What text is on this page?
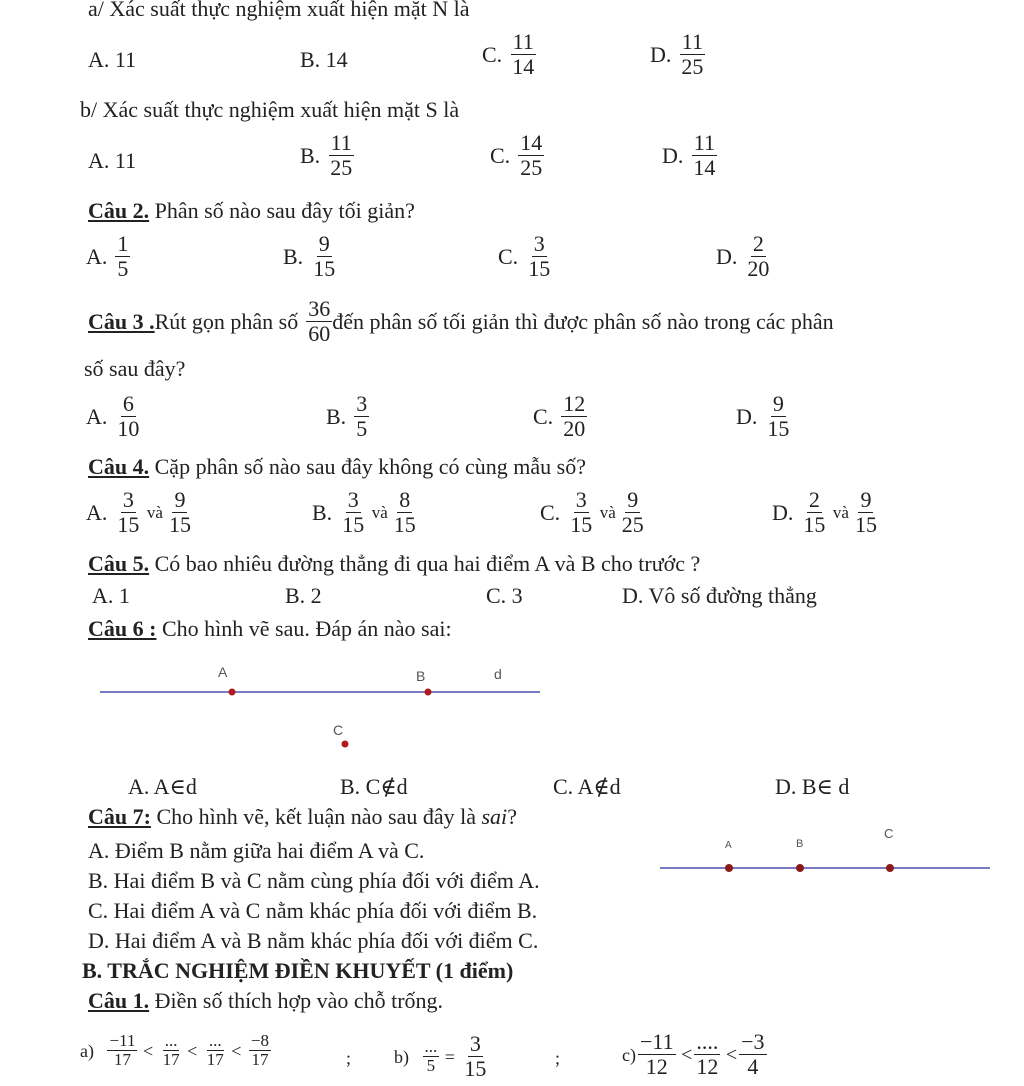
a/ Xác suất thực nghiệm xuất hiện mặt N là
A. 11	B. 14	C. $\frac{11}{14}$	D. $\frac{11}{25}$
b/ Xác suất thực nghiệm xuất hiện mặt S là
A. 11	B. $\frac{11}{25}$	C. $\frac{14}{25}$	D. $\frac{11}{14}$
Câu 2. Phân số nào sau đây tối giản?
A. $\frac{1}{5}$	B. $\frac{9}{15}$	C. $\frac{3}{15}$	D. $\frac{2}{20}$
Câu 3 .Rút gọn phân số $\frac{36}{60}$ đến phân số tối giản thì được phân số nào trong các phân
số sau đây?
A. $\frac{6}{10}$	B. $\frac{3}{5}$	C. $\frac{12}{20}$	D. $\frac{9}{15}$
Câu 4. Cặp phân số nào sau đây không có cùng mẫu số?
A. $\frac{3}{15}$ và $\frac{9}{15}$	B. $\frac{3}{15}$ và $\frac{8}{15}$	C. $\frac{3}{15}$ và $\frac{9}{25}$	D. $\frac{2}{15}$ và $\frac{9}{15}$
Câu 5. Có bao nhiêu đường thẳng đi qua hai điểm A và B cho trước ?
A. 1	B. 2	C. 3	D. Vô số đường thẳng
Câu 6 : Cho hình vẽ sau. Đáp án nào sai:
A	B	d
C
A. A∈d	B. C∉d	C. A∉d	D. B∈ d
Câu 7: Cho hình vẽ, kết luận nào sau đây là sai?
A. Điểm B nằm giữa hai điểm A và C.
B. Hai điểm B và C nằm cùng phía đối với điểm A.
C. Hai điểm A và C nằm khác phía đối với điểm B.
D. Hai điểm A và B nằm khác phía đối với điểm C.
A	B
C
B. TRẮC NGHIỆM ĐIỀN KHUYẾT (1 điểm)
Câu 1. Điền số thích hợp vào chỗ trống.
$a) \frac{-11}{17} < \frac{...}{17} < \frac{...}{17} < \frac{-8}{17}$	; $b) \frac{...}{5} = \frac{3}{15}$	;	$c) \frac{-11}{12} < \frac{....}{12} < \frac{-3}{4}$
